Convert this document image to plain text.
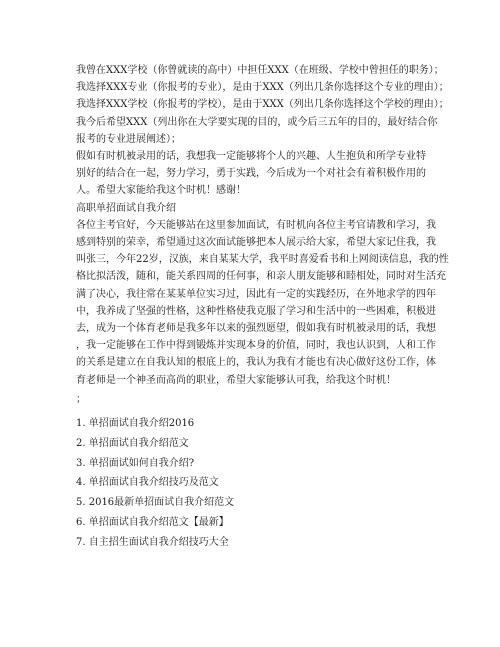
我曾在XXX学校（你曾就读的高中）中担任XXX（在班级、学校中曾担任的职务）；

我选择XXX专业（你报考的专业），是由于XXX（列出几条你选择这个专业的理由）；

我选择XXX学校（你报考的学校），是由于XXX（列出几条你选择这个学校的理由）；

我今后希望XXX（列出你在大学要实现的目的，或今后三五年的目的，最好结合你

报考的专业进展阐述）；

假如有时机被录用的话，我想我一定能够将个人的兴趣、人生抱负和所学专业特

别好的结合在一起，努力学习，勇于实践，今后成为一个对社会有着积极作用的

人。希望大家能给我这个时机！感谢！

高职单招面试自我介绍

各位主考官好，今天能够站在这里参加面试，有时机向各位主考官请教和学习，我

感到特别的荣幸，希望通过这次面试能够把本人展示给大家，希望大家记住我，我

叫张三，今年22岁，汉族，来自某某大学，我平时喜爱看书和上网阅读信息，我的性

格比拟活泼，随和，能关系四周的任何事，和亲人朋友能够和睦相处，同时对生活充

满了决心，我往常在某某单位实习过，因此有一定的实践经历，在外地求学的四年

中，我养成了坚强的性格，这种性格使我克服了学习和生活中的一些困难，积极进

去，成为一个体育老师是我多年以来的强烈愿望，假如我有时机被录用的话，我想

，我一定能够在工作中得到锻炼并实现本身的价值，同时，我也认识到，人和工作

的关系是建立在自我认知的根底上的，我认为我有才能也有决心做好这份工作，体

育老师是一个神圣而高尚的职业，希望大家能够认可我，给我这个时机！

；

1. 单招面试自我介绍2016

2. 单招面试自我介绍范文

3. 单招面试如何自我介绍?

4. 单招面试自我介绍技巧及范文

5. 2016最新单招面试自我介绍范文

6. 单招面试自我介绍范文【最新】

7. 自主招生面试自我介绍技巧大全
